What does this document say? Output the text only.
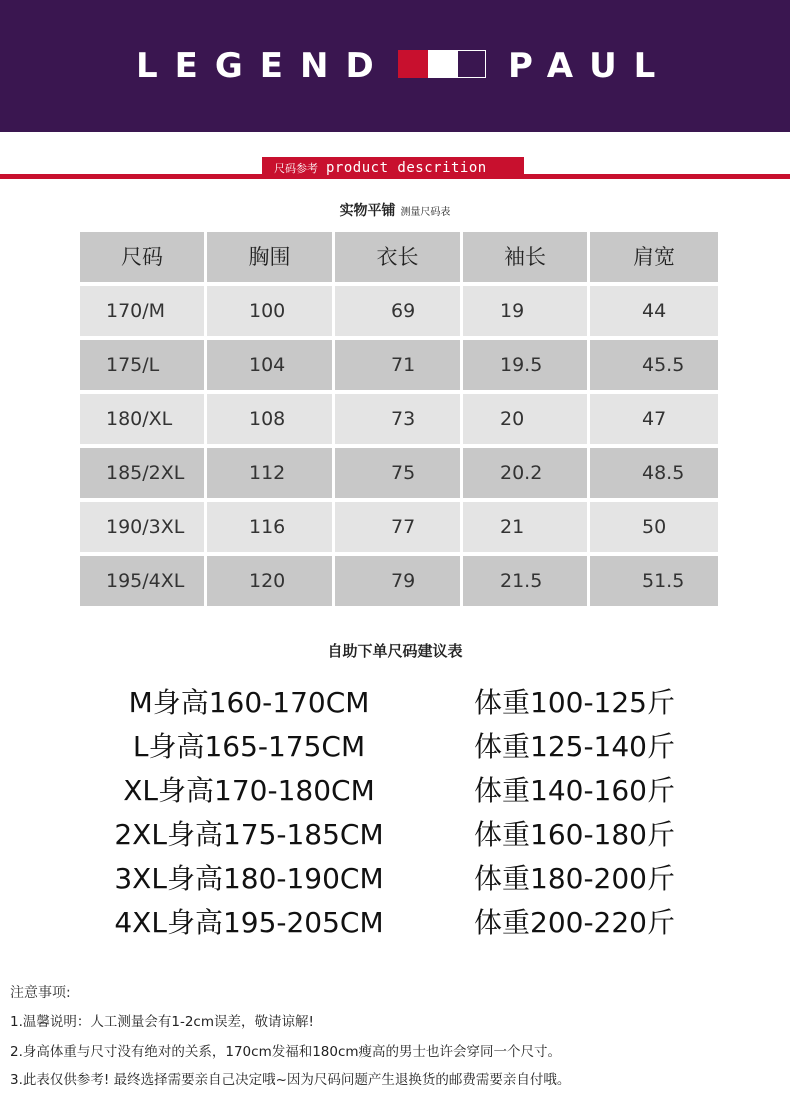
LEGEND	PAUL
尺码参考 product descrition
实物平铺 测量尺码表
尺码	胸围	衣长	袖长	肩宽
170/M	100	69	19	44
175/L	104	71	19.5	45.5
180/XL	108	73	20	47
185/2XL	112	75	20.2	48.5
190/3XL	116	77	21	50
195/4XL	120	79	21.5	51.5
自助下单尺码建议表
M身高160-170CM	体重100-125斤
L身高165-175CM	体重125-140斤
XL身高170-180CM	体重140-160斤
2XL身高175-185CM	体重160-180斤
3XL身高180-190CM	体重180-200斤
4XL身高195-205CM	体重200-220斤
注意事项:
1.温馨说明：人工测量会有1-2cm误差，敬请谅解!
2.身高体重与尺寸没有绝对的关系，170cm发福和180cm瘦高的男士也许会穿同一个尺寸。
3.此表仅供参考! 最终选择需要亲自己决定哦~因为尺码问题产生退换货的邮费需要亲自付哦。
